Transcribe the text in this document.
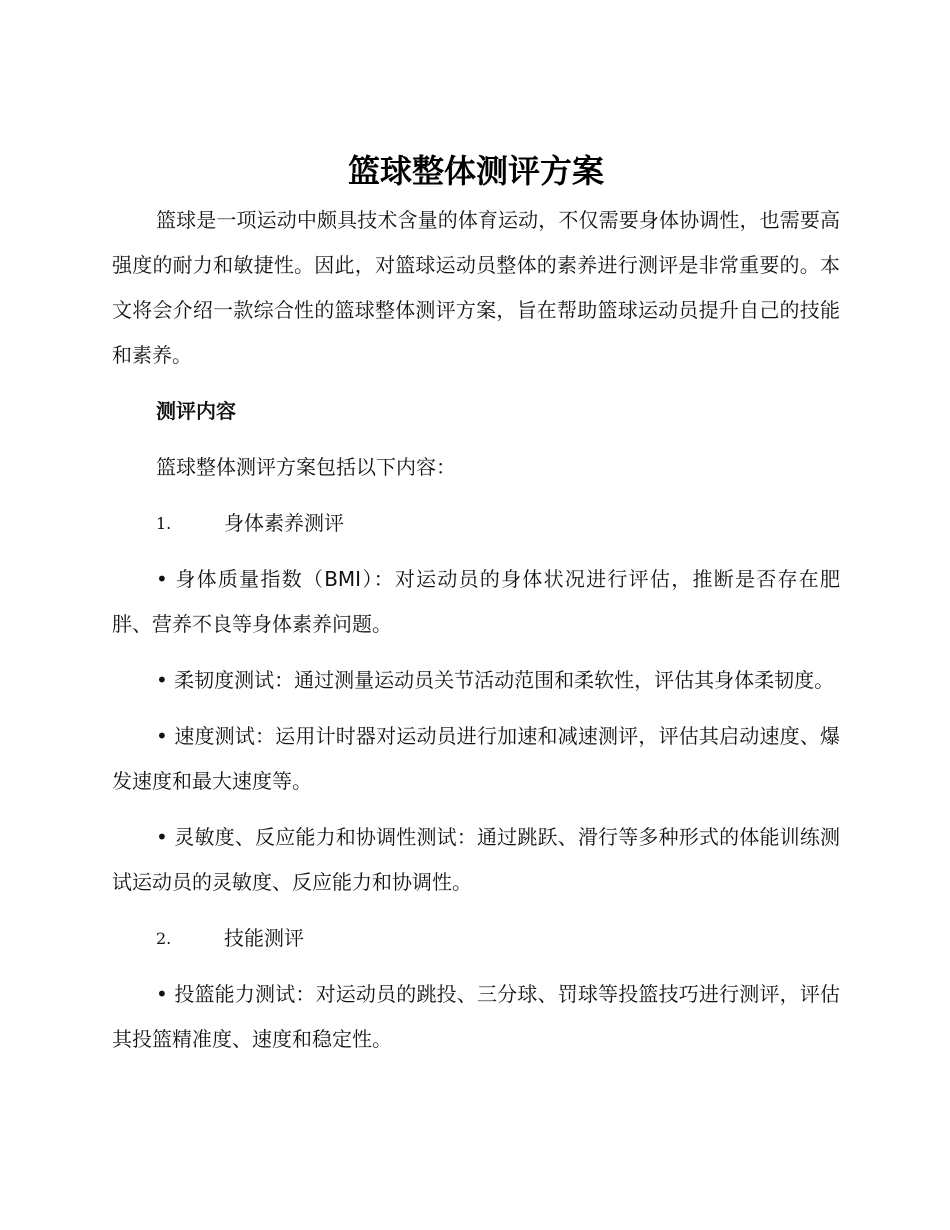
篮球整体测评方案

篮球是一项运动中颇具技术含量的体育运动，不仅需要身体协调性，也需要高强度的耐力和敏捷性。因此，对篮球运动员整体的素养进行测评是非常重要的。本文将会介绍一款综合性的篮球整体测评方案，旨在帮助篮球运动员提升自己的技能和素养。

测评内容

篮球整体测评方案包括以下内容：

1.	身体素养测评

• 身体质量指数（BMI）：对运动员的身体状况进行评估，推断是否存在肥胖、营养不良等身体素养问题。

• 柔韧度测试：通过测量运动员关节活动范围和柔软性，评估其身体柔韧度。

• 速度测试：运用计时器对运动员进行加速和减速测评，评估其启动速度、爆发速度和最大速度等。

• 灵敏度、反应能力和协调性测试：通过跳跃、滑行等多种形式的体能训练测试运动员的灵敏度、反应能力和协调性。

2.	技能测评

• 投篮能力测试：对运动员的跳投、三分球、罚球等投篮技巧进行测评，评估其投篮精准度、速度和稳定性。
